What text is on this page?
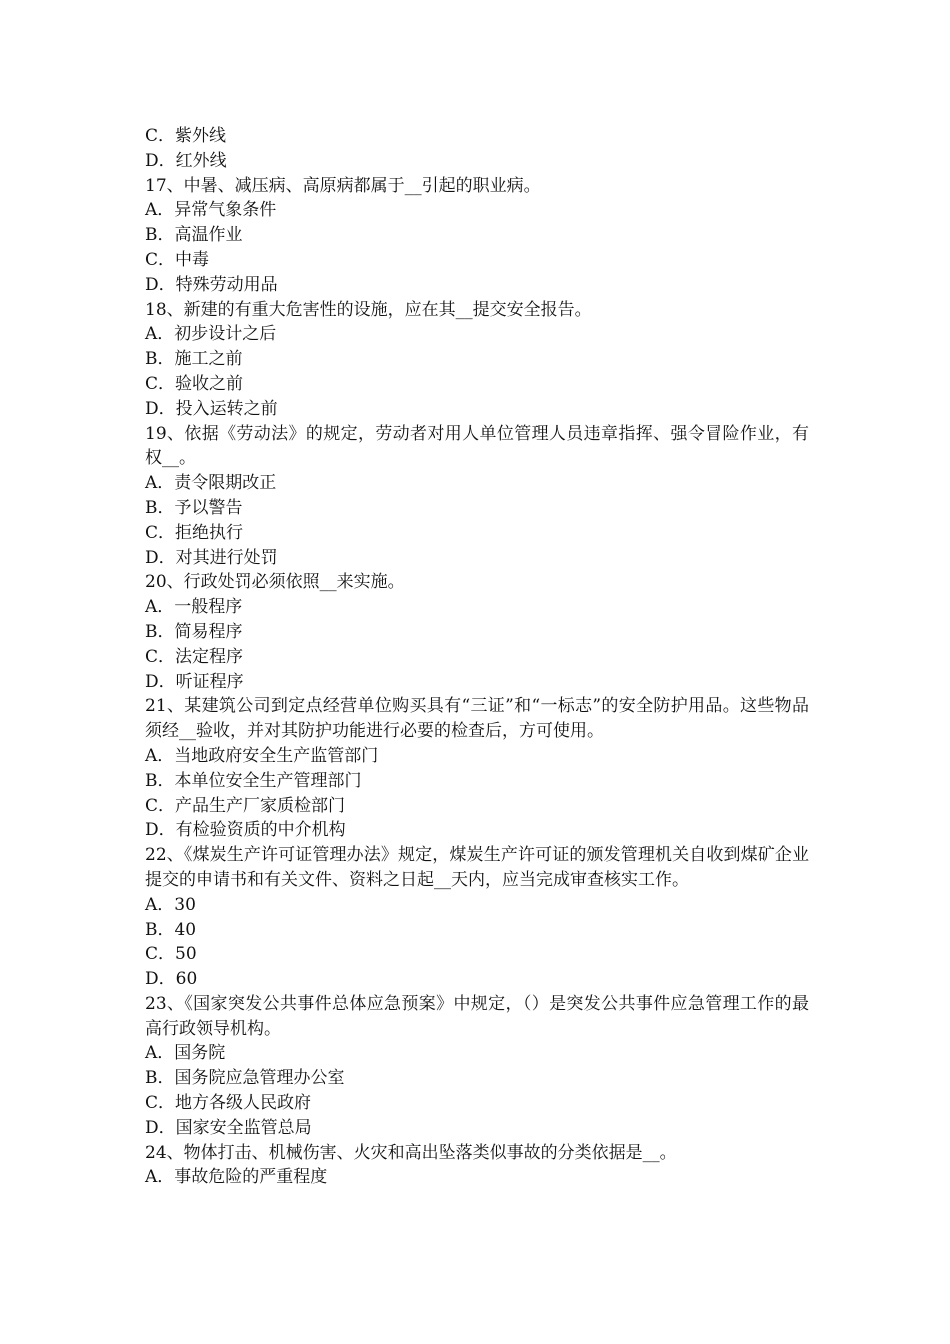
C．紫外线

D．红外线

17、中暑、减压病、高原病都属于__引起的职业病。

A．异常气象条件

B．高温作业

C．中毒

D．特殊劳动用品

18、新建的有重大危害性的设施，应在其__提交安全报告。

A．初步设计之后

B．施工之前

C．验收之前

D．投入运转之前

19、依据《劳动法》的规定，劳动者对用人单位管理人员违章指挥、强令冒险作业，有权__。

A．责令限期改正

B．予以警告

C．拒绝执行

D．对其进行处罚

20、行政处罚必须依照__来实施。

A．一般程序

B．简易程序

C．法定程序

D．听证程序

21、某建筑公司到定点经营单位购买具有“三证”和“一标志”的安全防护用品。这些物品须经__验收，并对其防护功能进行必要的检查后，方可使用。

A．当地政府安全生产监管部门

B．本单位安全生产管理部门

C．产品生产厂家质检部门

D．有检验资质的中介机构

22、《煤炭生产许可证管理办法》规定，煤炭生产许可证的颁发管理机关自收到煤矿企业提交的申请书和有关文件、资料之日起__天内，应当完成审查核实工作。

A．30

B．40

C．50

D．60

23、《国家突发公共事件总体应急预案》中规定，（）是突发公共事件应急管理工作的最高行政领导机构。

A．国务院

B．国务院应急管理办公室

C．地方各级人民政府

D．国家安全监管总局

24、物体打击、机械伤害、火灾和高出坠落类似事故的分类依据是__。

A．事故危险的严重程度
